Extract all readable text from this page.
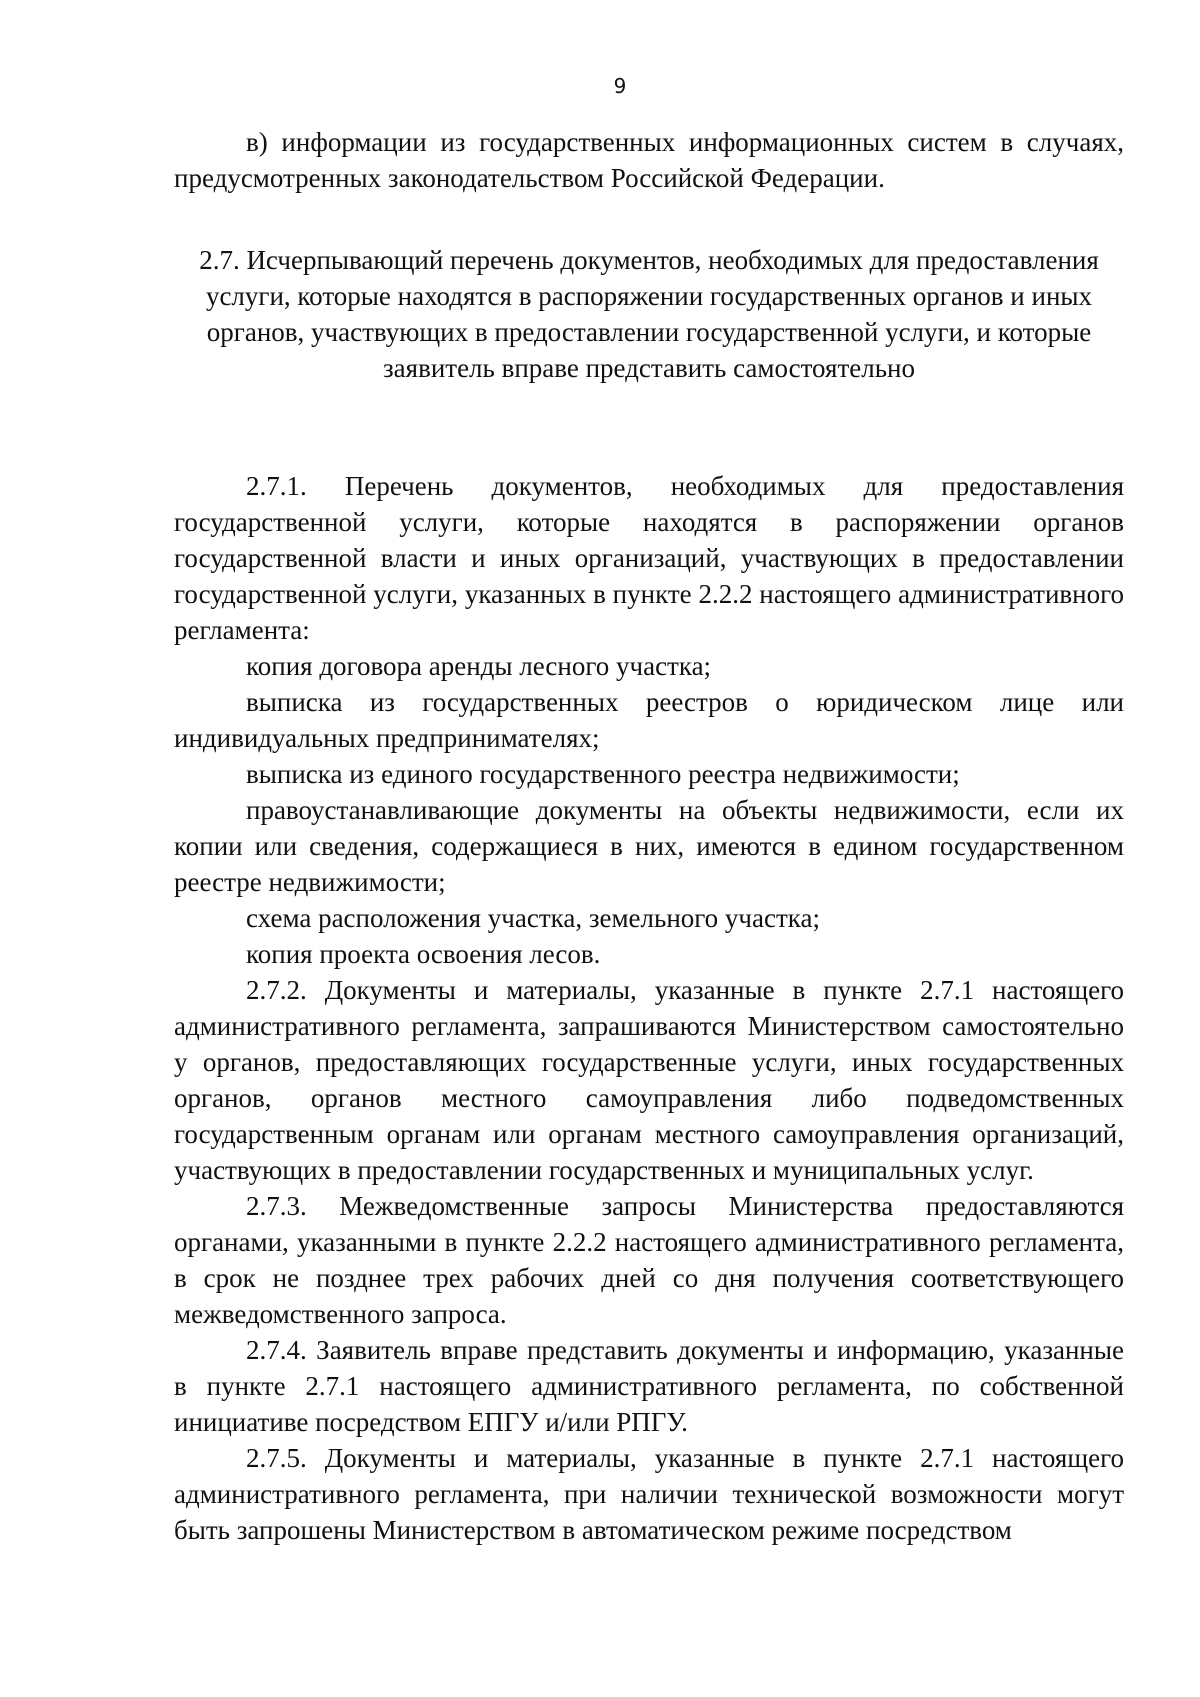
9

в) информации из государственных информационных систем в случаях, предусмотренных законодательством Российской Федерации.

2.7. Исчерпывающий перечень документов, необходимых для предоставления услуги, которые находятся в распоряжении государственных органов и иных органов, участвующих в предоставлении государственной услуги, и которые заявитель вправе представить самостоятельно

2.7.1. Перечень документов, необходимых для предоставления государственной услуги, которые находятся в распоряжении органов государственной власти и иных организаций, участвующих в предоставлении государственной услуги, указанных в пункте 2.2.2 настоящего административного регламента:

копия договора аренды лесного участка;

выписка из государственных реестров о юридическом лице или индивидуальных предпринимателях;

выписка из единого государственного реестра недвижимости;

правоустанавливающие документы на объекты недвижимости, если их копии или сведения, содержащиеся в них, имеются в едином государственном реестре недвижимости;

схема расположения участка, земельного участка;

копия проекта освоения лесов.

2.7.2. Документы и материалы, указанные в пункте 2.7.1 настоящего административного регламента, запрашиваются Министерством самостоятельно у органов, предоставляющих государственные услуги, иных государственных органов, органов местного самоуправления либо подведомственных государственным органам или органам местного самоуправления организаций, участвующих в предоставлении государственных и муниципальных услуг.

2.7.3. Межведомственные запросы Министерства предоставляются органами, указанными в пункте 2.2.2 настоящего административного регламента, в срок не позднее трех рабочих дней со дня получения соответствующего межведомственного запроса.

2.7.4. Заявитель вправе представить документы и информацию, указанные в пункте 2.7.1 настоящего административного регламента, по собственной инициативе посредством ЕПГУ и/или РПГУ.

2.7.5. Документы и материалы, указанные в пункте 2.7.1 настоящего административного регламента, при наличии технической возможности могут быть запрошены Министерством в автоматическом режиме посредством
